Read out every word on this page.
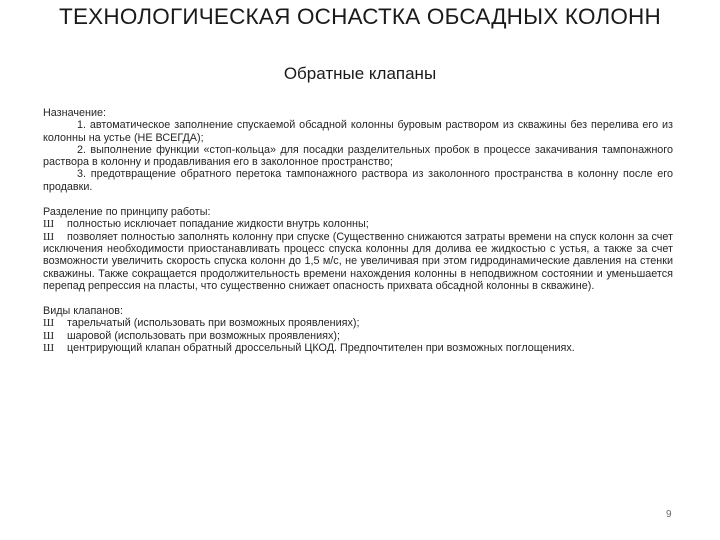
ТЕХНОЛОГИЧЕСКАЯ ОСНАСТКА ОБСАДНЫХ КОЛОНН
Обратные клапаны
Назначение:

1. автоматическое заполнение спускаемой обсадной колонны буровым раствором из скважины без перелива его из колонны на устье (НЕ ВСЕГДА);

2. выполнение функции «стоп-кольца» для посадки разделительных пробок в процессе закачивания тампонажного раствора в колонну и продавливания его в заколонное пространство;

3. предотвращение обратного перетока тампонажного раствора из заколонного пространства в колонну после его продавки.

Разделение по принципу работы:

Ш полностью исключает попадание жидкости внутрь колонны;

Ш позволяет полностью заполнять колонну при спуске (Существенно снижаются затраты времени на спуск колонн за счет исключения необходимости приостанавливать процесс спуска колонны для долива ее жидкостью с устья, а также за счет возможности увеличить скорость спуска колонн до 1,5 м/с, не увеличивая при этом гидродинамические давления на стенки скважины. Также сокращается продолжительность времени нахождения колонны в неподвижном состоянии и уменьшается перепад репрессия на пласты, что существенно снижает опасность прихвата обсадной колонны в скважине).

Виды клапанов:

Ш тарельчатый (использовать при возможных проявлениях);

Ш шаровой (использовать при возможных проявлениях);

Ш центрирующий клапан обратный дроссельный ЦКОД. Предпочтителен при возможных поглощениях.

9
